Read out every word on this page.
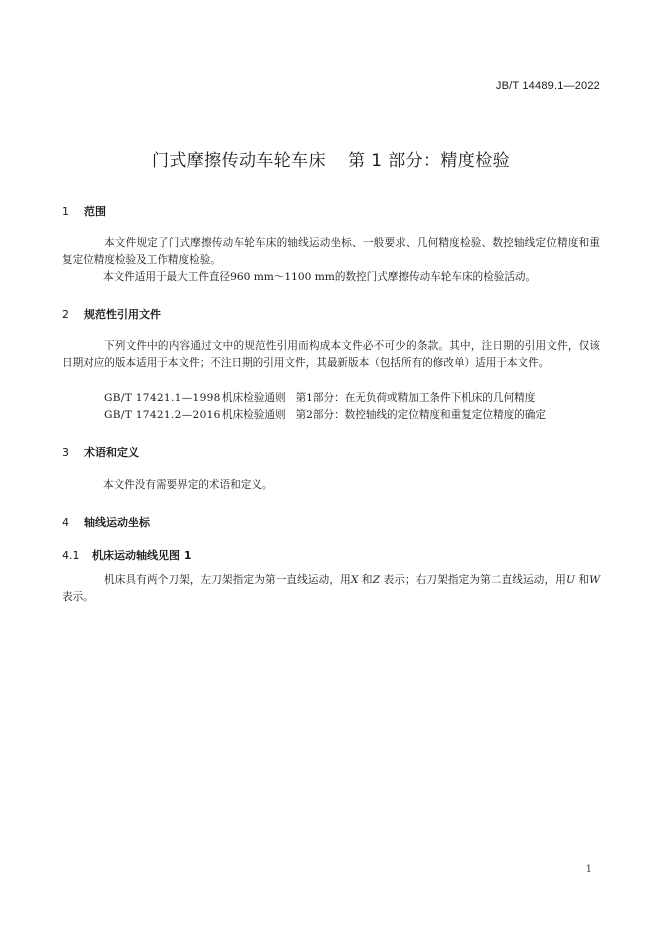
JB/T 14489.1—2022
门式摩擦传动车轮车床 第 1 部分：精度检验
1 范围
本文件规定了门式摩擦传动车轮车床的轴线运动坐标、一般要求、几何精度检验、数控轴线定位精度和重复定位精度检验及工作精度检验。
本文件适用于最大工件直径960 mm～1100 mm的数控门式摩擦传动车轮车床的检验活动。
2 规范性引用文件
下列文件中的内容通过文中的规范性引用而构成本文件必不可少的条款。其中，注日期的引用文件，仅该日期对应的版本适用于本文件；不注日期的引用文件，其最新版本（包括所有的修改单）适用于本文件。
GB/T 17421.1—1998机床检验通则 第1部分：在无负荷或精加工条件下机床的几何精度
GB/T 17421.2—2016机床检验通则 第2部分：数控轴线的定位精度和重复定位精度的确定
3 术语和定义
本文件没有需要界定的术语和定义。
4 轴线运动坐标
4.1 机床运动轴线见图 1
机床具有两个刀架，左刀架指定为第一直线运动，用X 和Z 表示；右刀架指定为第二直线运动，用U 和W 表示。
1
